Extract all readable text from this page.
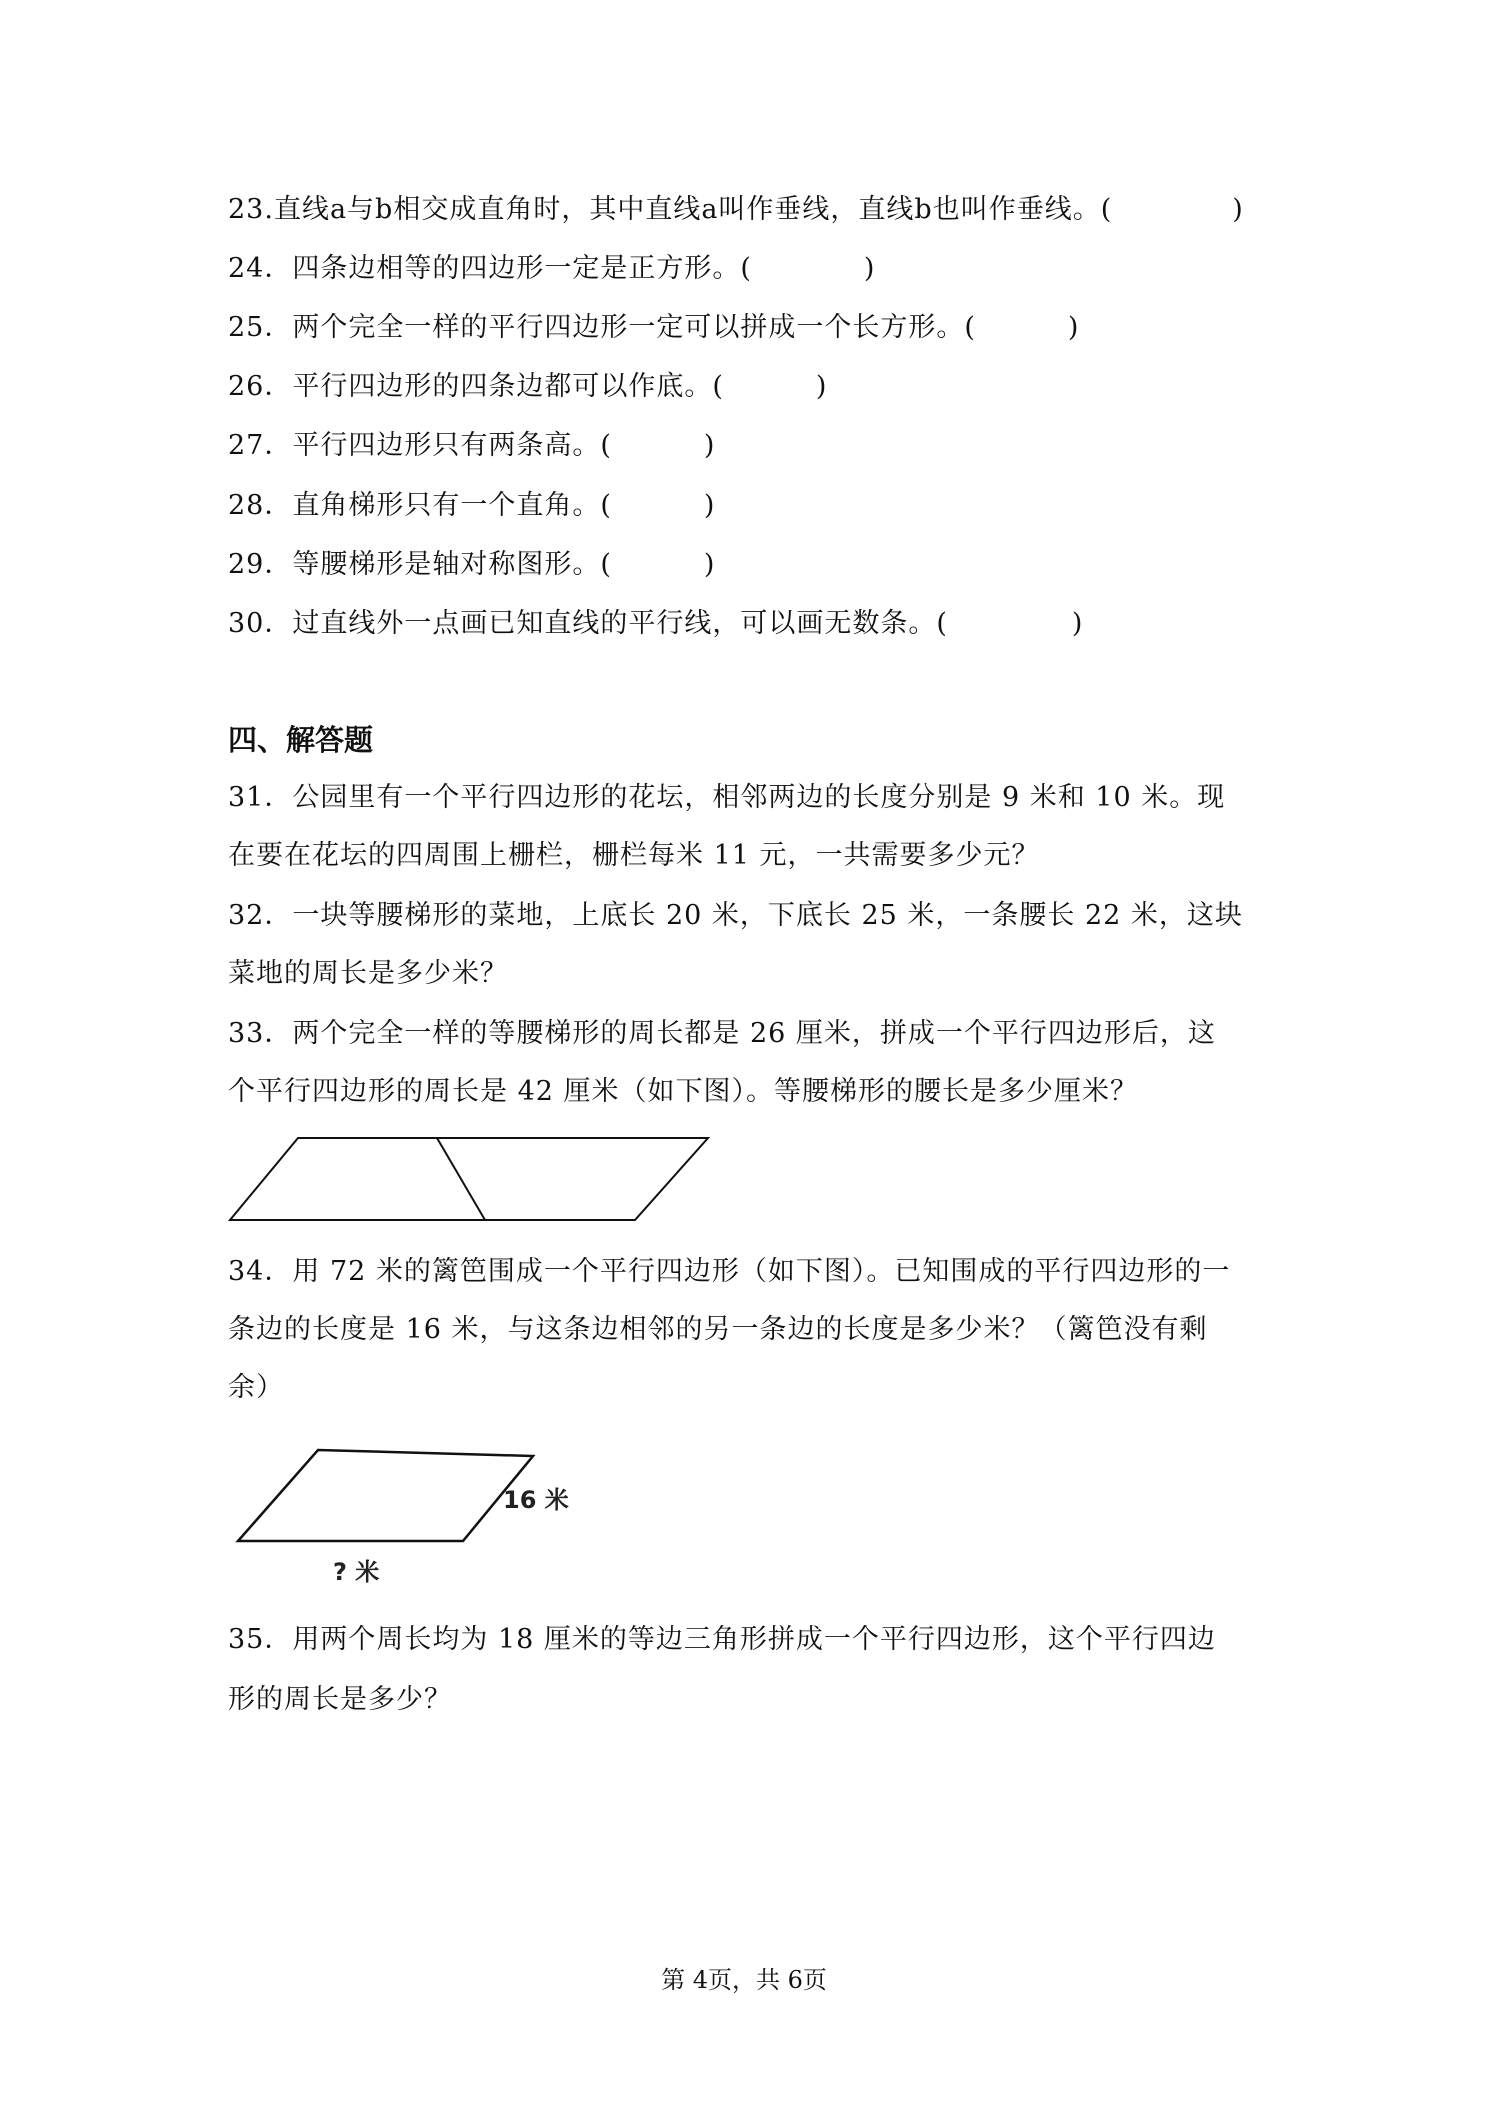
23.直线a与b相交成直角时，其中直线a叫作垂线，直线b也叫作垂线。(	)
24．四条边相等的四边形一定是正方形。(	)
25．两个完全一样的平行四边形一定可以拼成一个长方形。(	)
26．平行四边形的四条边都可以作底。(	)
27．平行四边形只有两条高。(	)
28．直角梯形只有一个直角。(	)
29．等腰梯形是轴对称图形。(	)
30．过直线外一点画已知直线的平行线，可以画无数条。(	)
四、解答题
31．公园里有一个平行四边形的花坛，相邻两边的长度分别是 9 米和 10 米。现
在要在花坛的四周围上栅栏，栅栏每米 11 元，一共需要多少元？
32．一块等腰梯形的菜地，上底长 20 米，下底长 25 米，一条腰长 22 米，这块
菜地的周长是多少米？
33．两个完全一样的等腰梯形的周长都是 26 厘米，拼成一个平行四边形后，这
个平行四边形的周长是 42 厘米（如下图）。等腰梯形的腰长是多少厘米？
34．用 72 米的篱笆围成一个平行四边形（如下图）。已知围成的平行四边形的一
条边的长度是 16 米，与这条边相邻的另一条边的长度是多少米？（篱笆没有剩
余）
16 米
? 米
35．用两个周长均为 18 厘米的等边三角形拼成一个平行四边形，这个平行四边
形的周长是多少？
第 4页，共 6页
